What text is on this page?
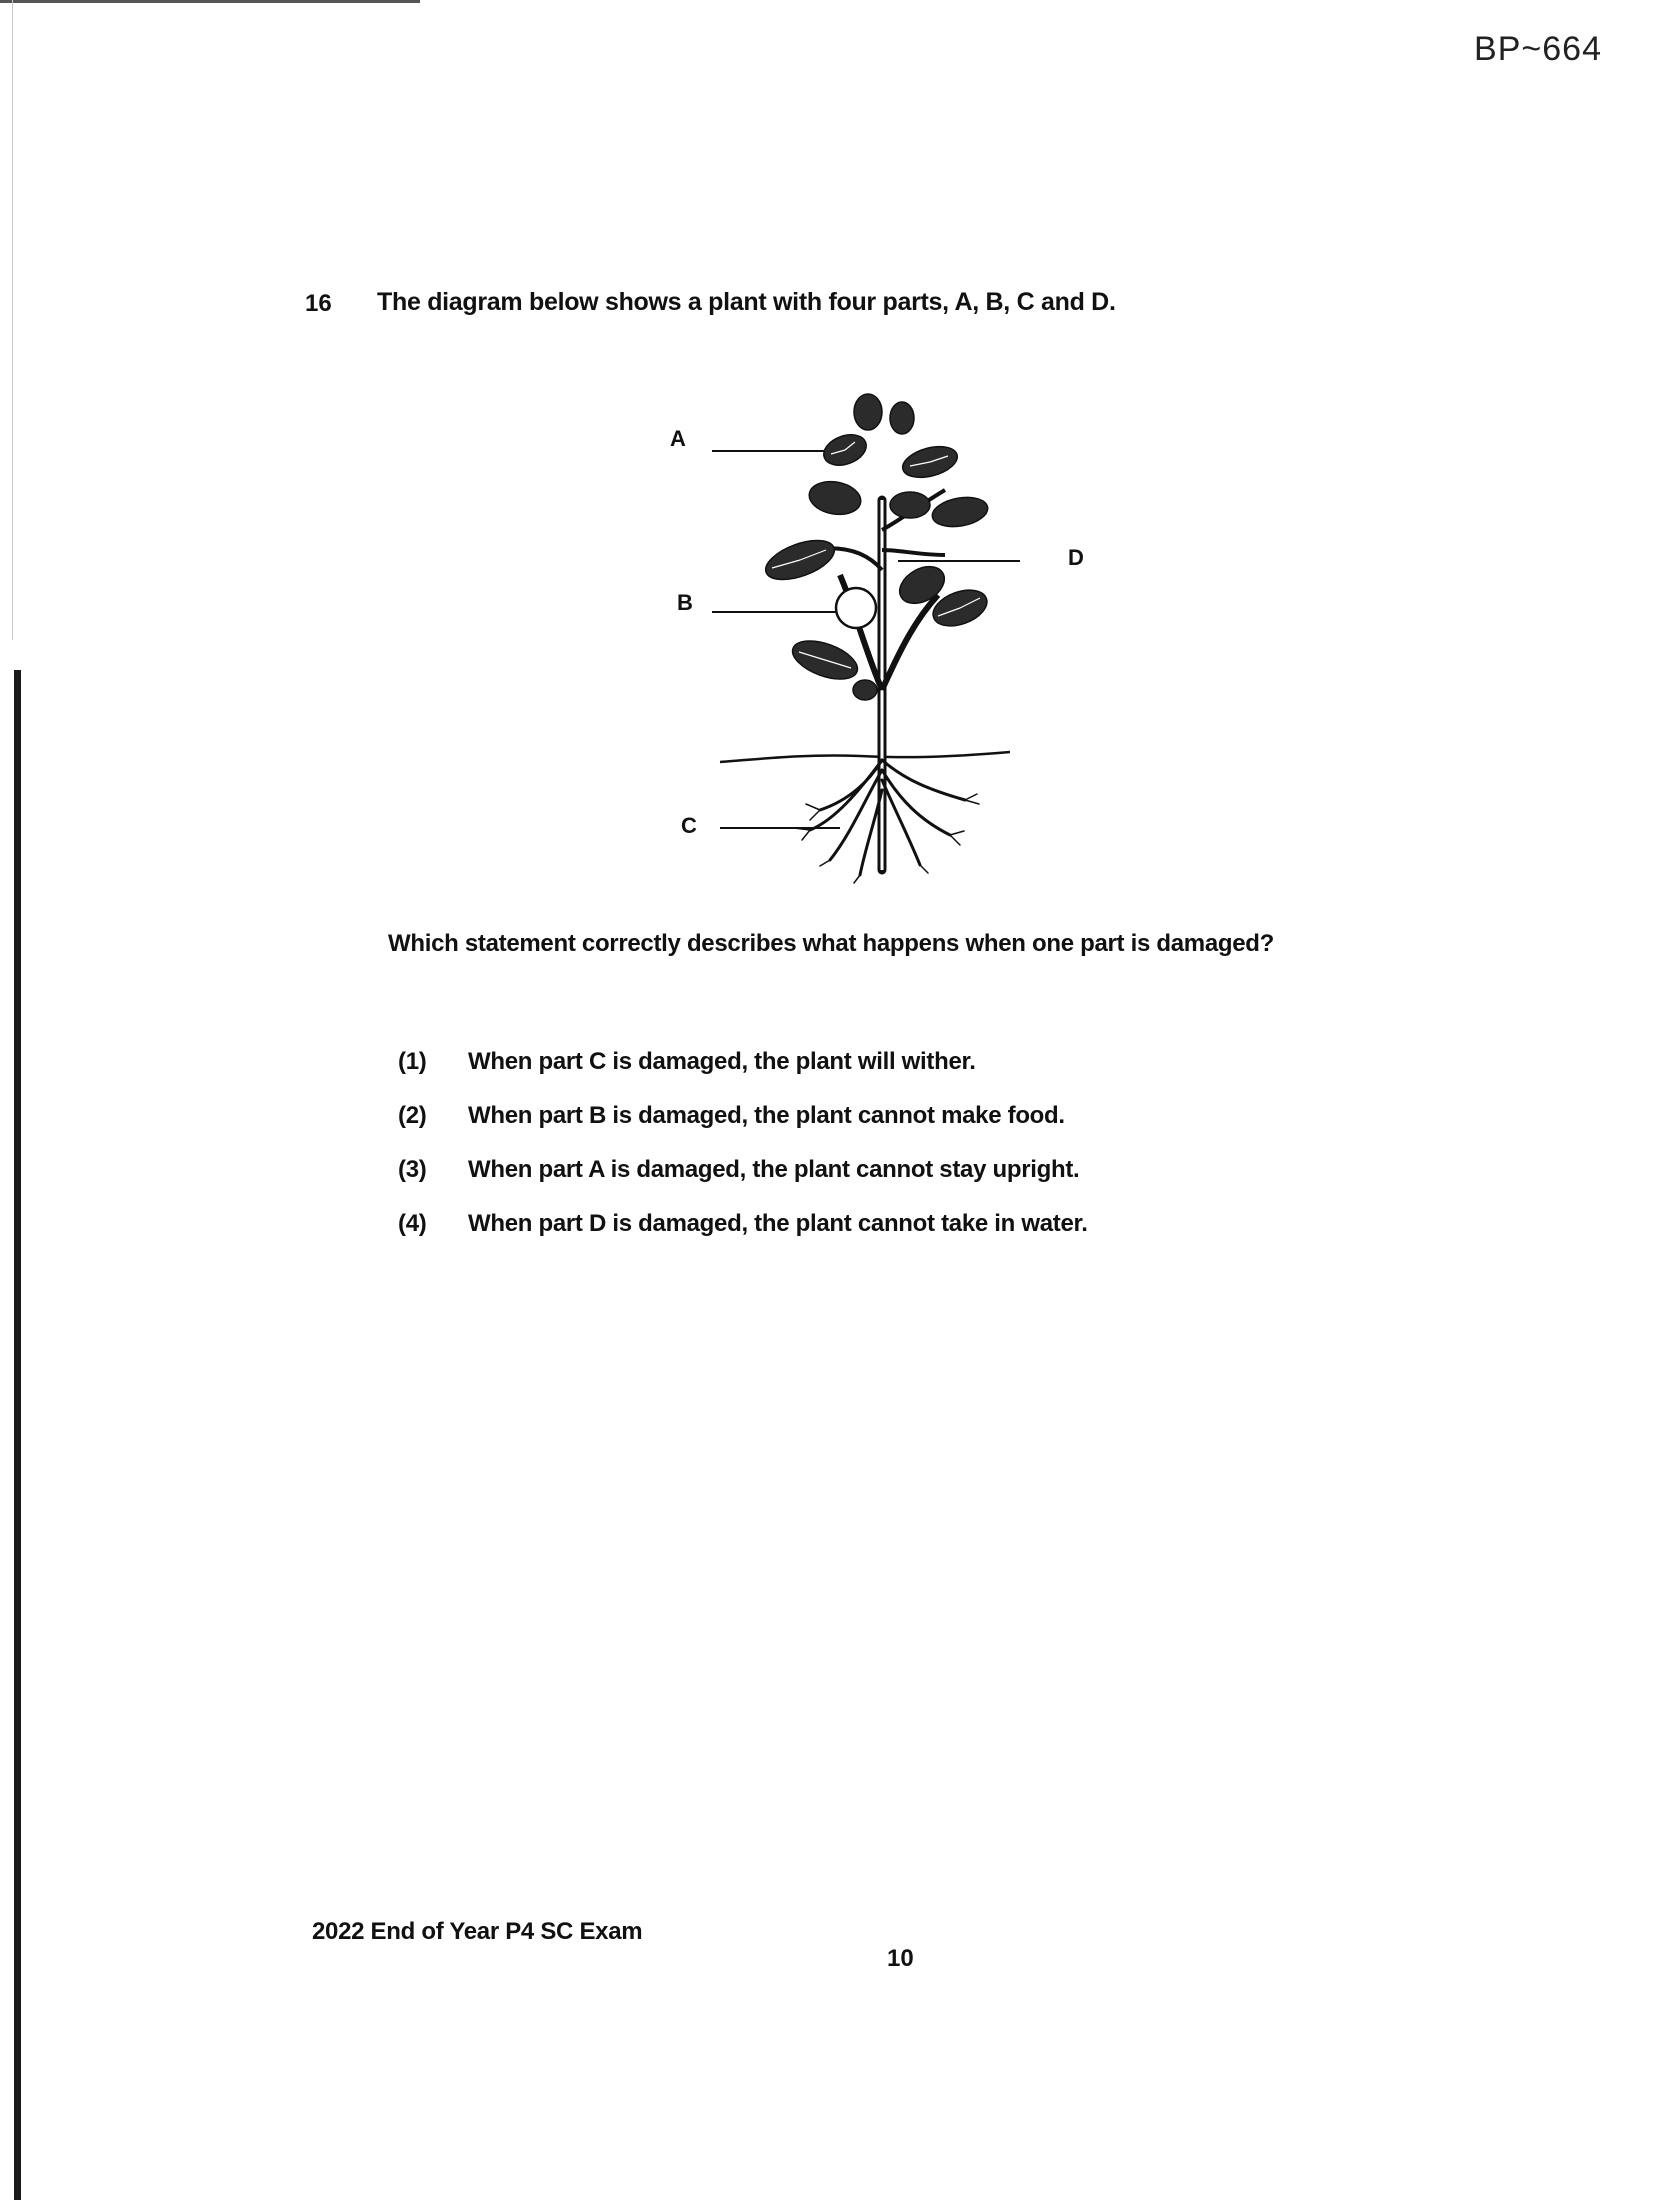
BP~664
16 The diagram below shows a plant with four parts, A, B, C and D.
A
B
C
D
Which statement correctly describes what happens when one part is damaged?
(1)	When part C is damaged, the plant will wither.
(2)	When part B is damaged, the plant cannot make food.
(3)	When part A is damaged, the plant cannot stay upright.
(4)	When part D is damaged, the plant cannot take in water.
2022 End of Year P4 SC Exam
10
